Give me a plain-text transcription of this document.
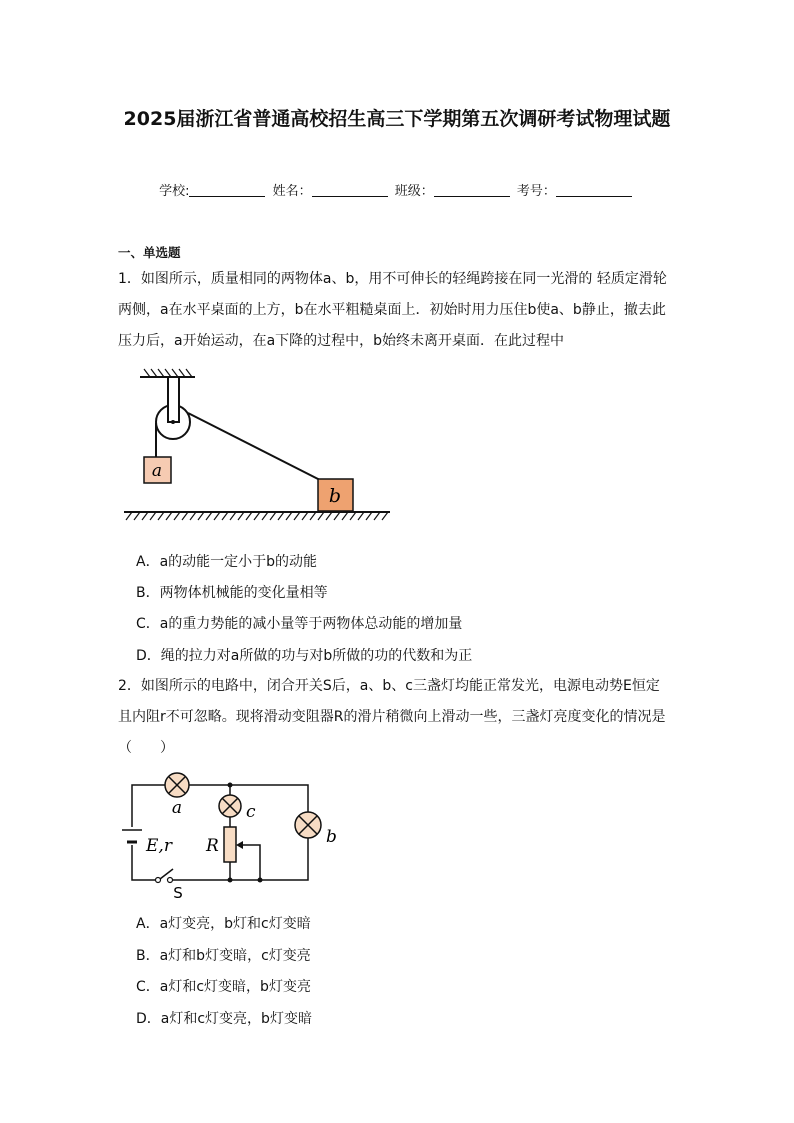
2025届浙江省普通高校招生高三下学期第五次调研考试物理试题
学校:	姓名：	班级：	考号：
一、单选题
1．如图所示，质量相同的两物体a、b，用不可伸长的轻绳跨接在同一光滑的 轻质定滑轮两侧，a在水平桌面的上方，b在水平粗糙桌面上．初始时用力压住b使a、b静止，撤去此压力后，a开始运动，在a下降的过程中，b始终未离开桌面．在此过程中
a
b
A．a的动能一定小于b的动能
B．两物体机械能的变化量相等
C．a的重力势能的减小量等于两物体总动能的增加量
D．绳的拉力对a所做的功与对b所做的功的代数和为正
2．如图所示的电路中，闭合开关S后，a、b、c三盏灯均能正常发光，电源电动势E恒定
且内阻r不可忽略。现将滑动变阻器R的滑片稍微向上滑动一些，三盏灯亮度变化的情况是
（　　）
E,r
S
a	c
R	b
A．a灯变亮，b灯和c灯变暗
B．a灯和b灯变暗，c灯变亮
C．a灯和c灯变暗，b灯变亮
D．a灯和c灯变亮，b灯变暗
